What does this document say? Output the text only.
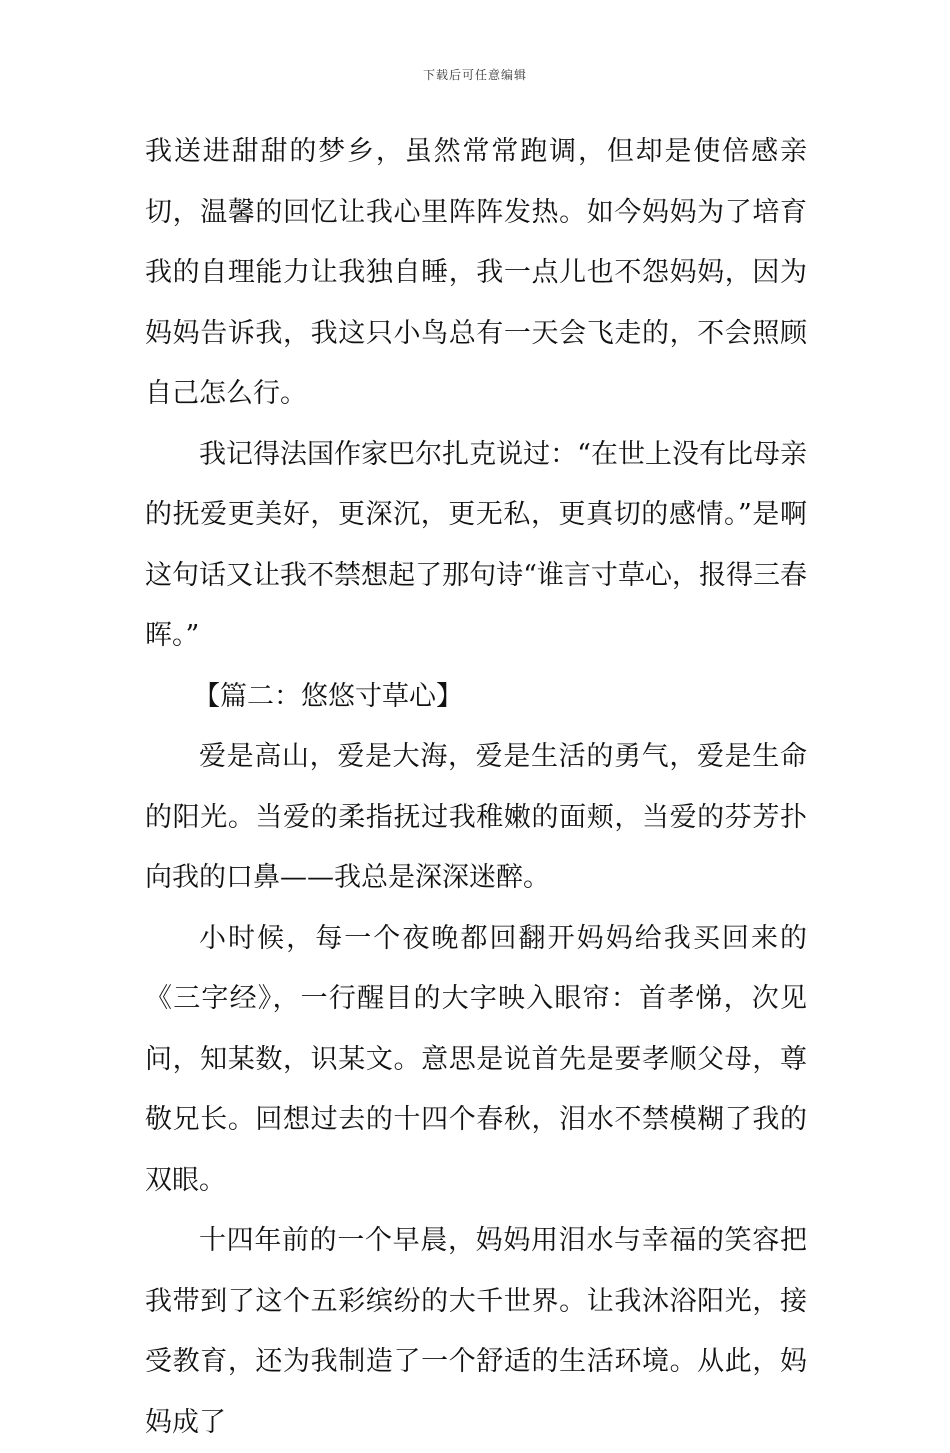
下载后可任意编辑

我送进甜甜的梦乡，虽然常常跑调，但却是使倍感亲切，温馨的回忆让我心里阵阵发热。如今妈妈为了培育我的自理能力让我独自睡，我一点儿也不怨妈妈，因为妈妈告诉我，我这只小鸟总有一天会飞走的，不会照顾自己怎么行。

我记得法国作家巴尔扎克说过：“在世上没有比母亲的抚爱更美好，更深沉，更无私，更真切的感情。”是啊这句话又让我不禁想起了那句诗“谁言寸草心，报得三春晖。”

【篇二：悠悠寸草心】

爱是高山，爱是大海，爱是生活的勇气，爱是生命的阳光。当爱的柔指抚过我稚嫩的面颊，当爱的芬芳扑向我的口鼻——我总是深深迷醉。

小时候，每一个夜晚都回翻开妈妈给我买回来的《三字经》，一行醒目的大字映入眼帘：首孝悌，次见问，知某数，识某文。意思是说首先是要孝顺父母，尊敬兄长。回想过去的十四个春秋，泪水不禁模糊了我的双眼。

十四年前的一个早晨，妈妈用泪水与幸福的笑容把我带到了这个五彩缤纷的大千世界。让我沐浴阳光，接受教育，还为我制造了一个舒适的生活环境。从此，妈妈成了
